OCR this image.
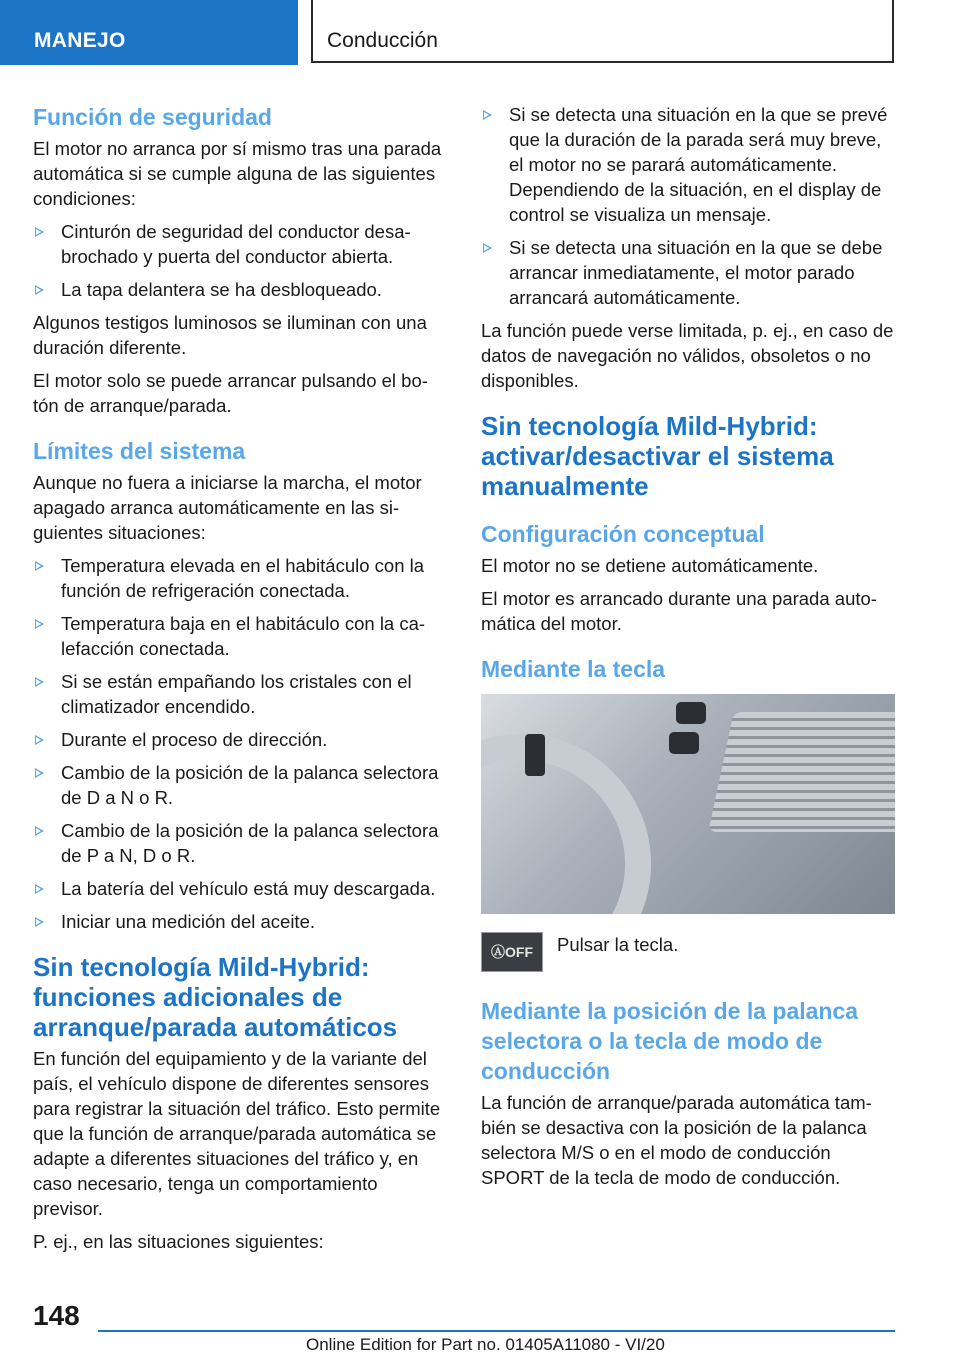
MANEJO	Conducción
Función de seguridad

El motor no arranca por sí mismo tras una parada automática si se cumple alguna de las siguientes condiciones:

Cinturón de seguridad del conductor desabrochado y puerta del conductor abierta.
La tapa delantera se ha desbloqueado.

Algunos testigos luminosos se iluminan con una duración diferente.

El motor solo se puede arrancar pulsando el botón de arranque/parada.

Límites del sistema

Aunque no fuera a iniciarse la marcha, el motor apagado arranca automáticamente en las siguientes situaciones:

Temperatura elevada en el habitáculo con la función de refrigeración conectada.
Temperatura baja en el habitáculo con la calefacción conectada.
Si se están empañando los cristales con el climatizador encendido.
Durante el proceso de dirección.
Cambio de la posición de la palanca selectora de D a N o R.
Cambio de la posición de la palanca selectora de P a N, D o R.
La batería del vehículo está muy descargada.
Iniciar una medición del aceite.
Sin tecnología Mild-Hybrid: funciones adicionales de arranque/parada automáticos

En función del equipamiento y de la variante del país, el vehículo dispone de diferentes sensores para registrar la situación del tráfico. Esto permite que la función de arranque/parada automática se adapte a diferentes situaciones del tráfico y, en caso necesario, tenga un comportamiento previsor.

P. ej., en las situaciones siguientes:

Si se detecta una situación en la que se prevé que la duración de la parada será muy breve, el motor no se parará automáticamente. Dependiendo de la situación, en el display de control se visualiza un mensaje.
Si se detecta una situación en la que se debe arrancar inmediatamente, el motor parado arrancará automáticamente.

La función puede verse limitada, p. ej., en caso de datos de navegación no válidos, obsoletos o no disponibles.

Sin tecnología Mild-Hybrid: activar/desactivar el sistema manualmente
Configuración conceptual

El motor no se detiene automáticamente.

El motor es arrancado durante una parada automática del motor.

Mediante la tecla
ⒶOFF	Pulsar la tecla.
Mediante la posición de la palanca selectora o la tecla de modo de conducción

La función de arranque/parada automática también se desactiva con la posición de la palanca selectora M/S o en el modo de conducción SPORT de la tecla de modo de conducción.

148
Online Edition for Part no. 01405A11080 - VI/20
